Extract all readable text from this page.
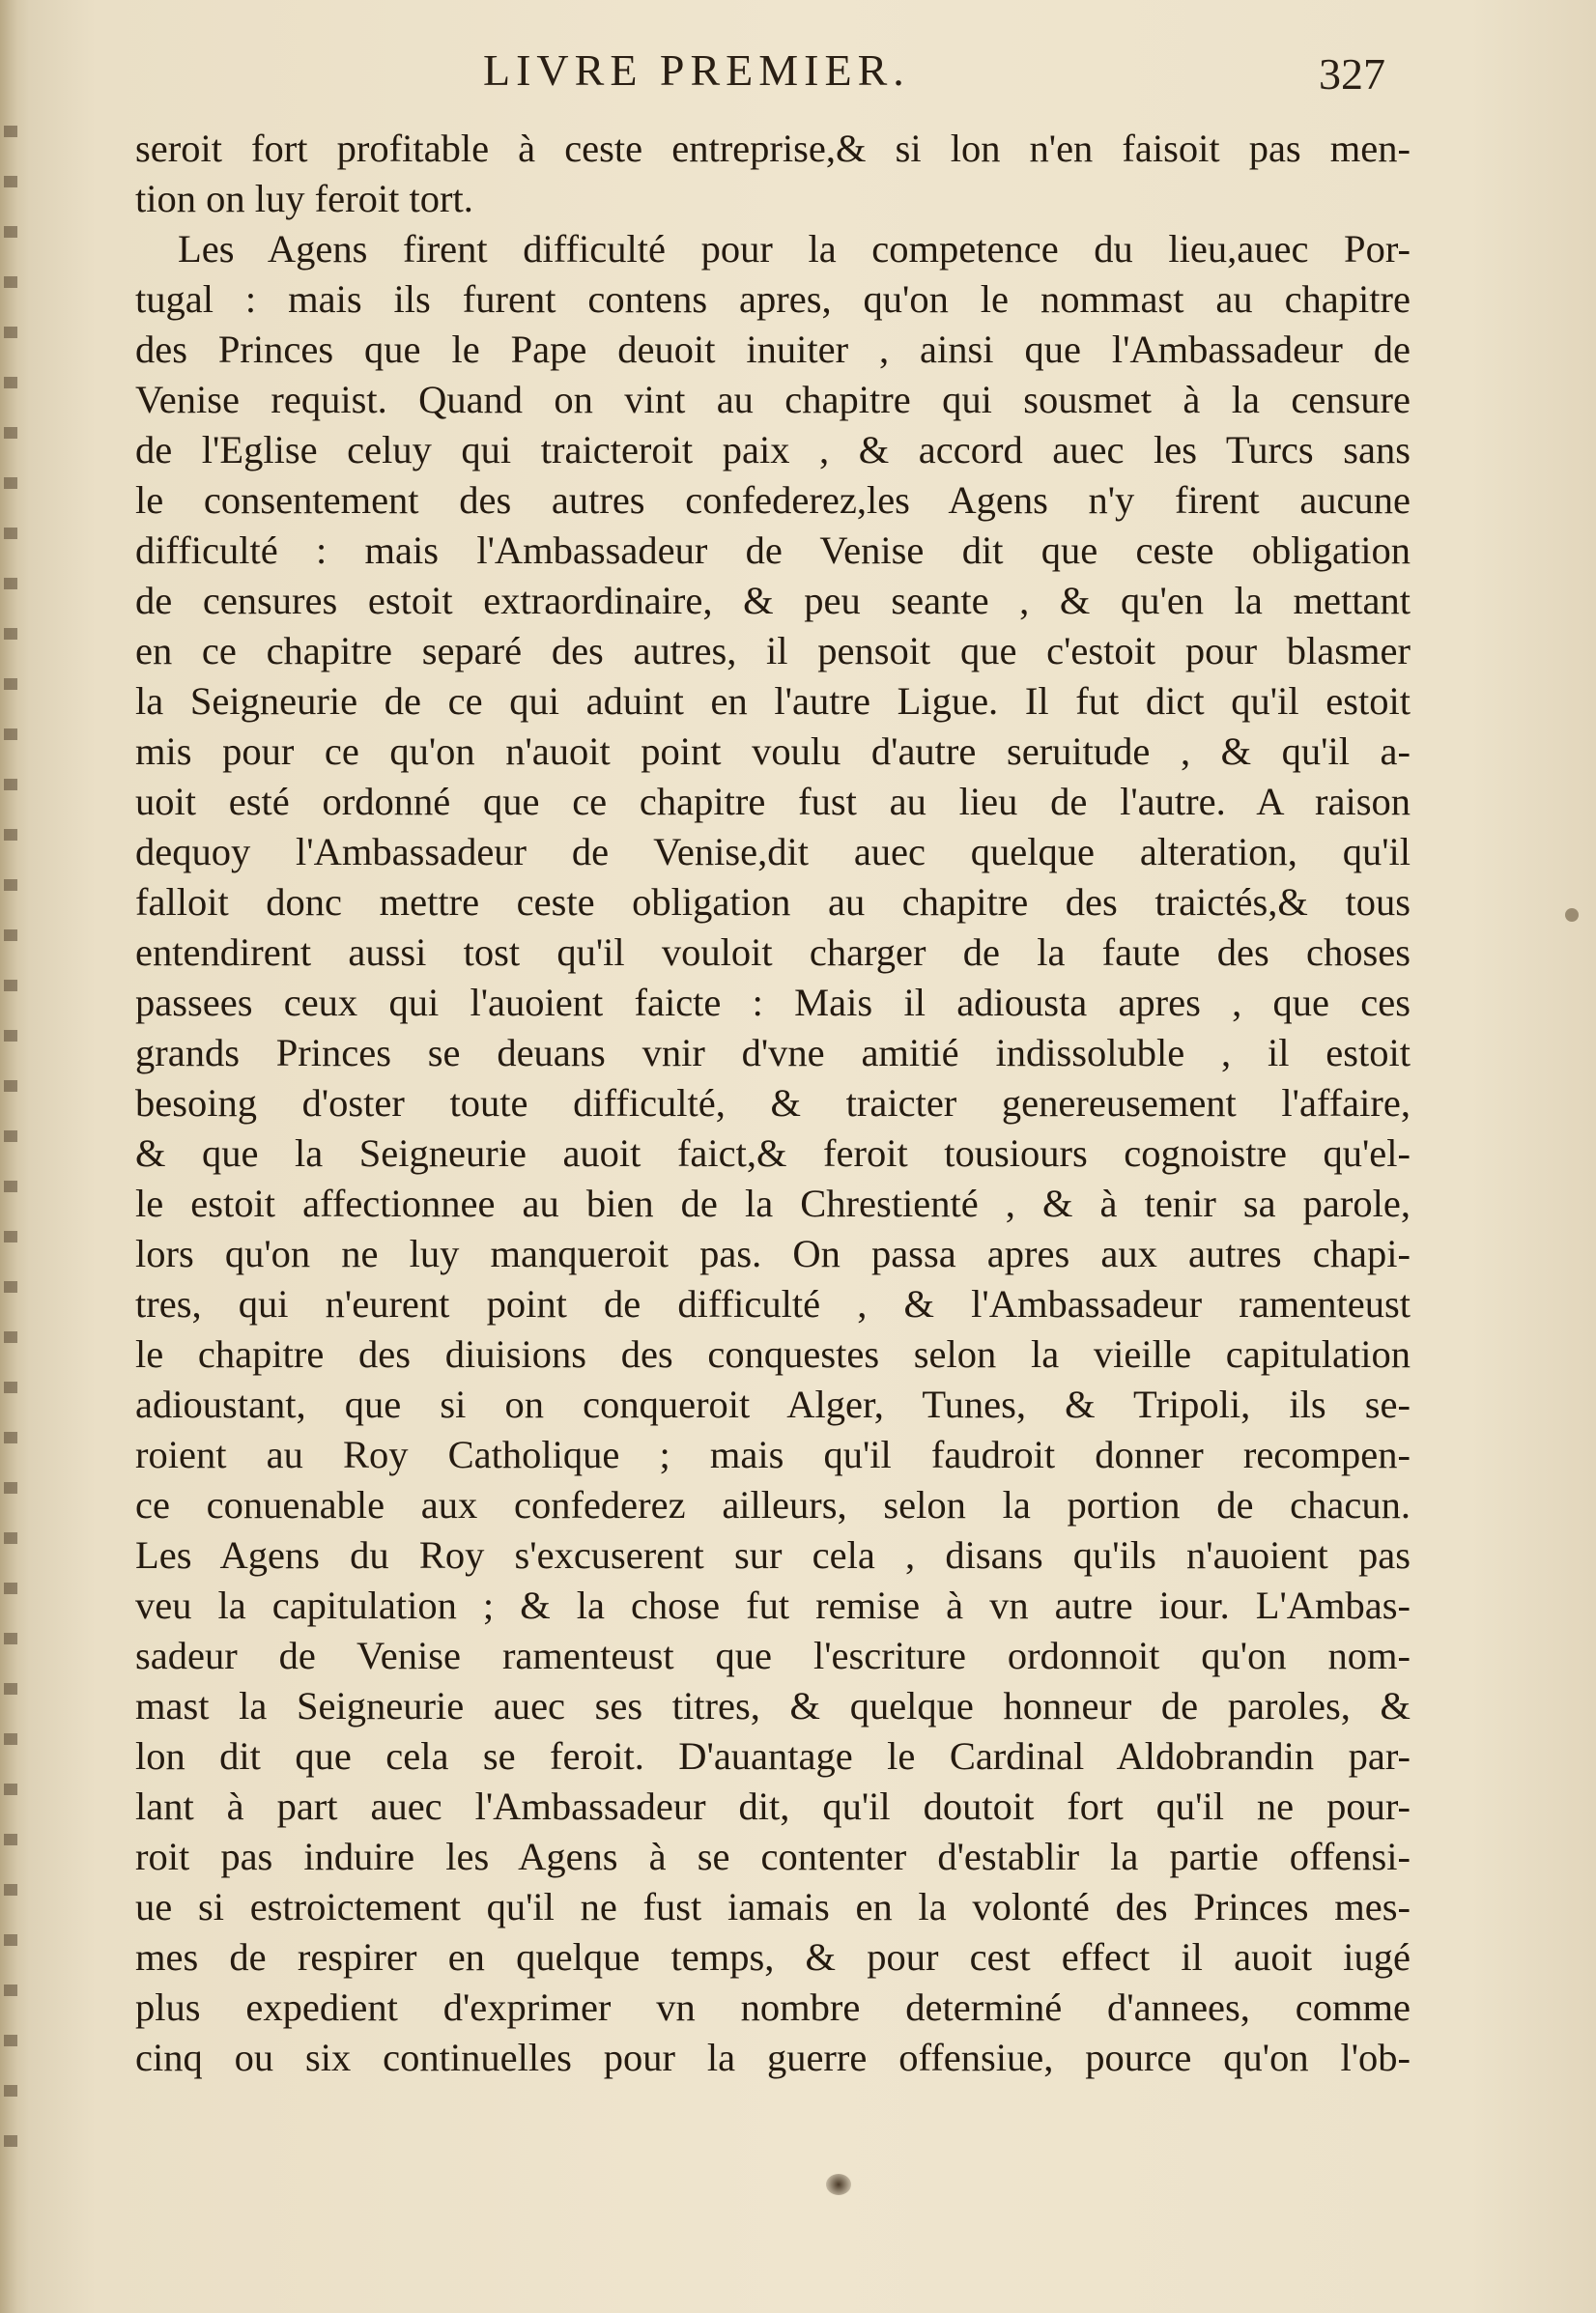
LIVRE PREMIER.	327
seroit fort profitable à ceste entreprise,& si lon n'en faisoit pas men-
tion on luy feroit tort.
Les Agens firent difficulté pour la competence du lieu,auec Por-
tugal : mais ils furent contens apres, qu'on le nommast au chapitre
des Princes que le Pape deuoit inuiter , ainsi que l'Ambassadeur de
Venise requist. Quand on vint au chapitre qui sousmet à la censure
de l'Eglise celuy qui traicteroit paix , & accord auec les Turcs sans
le consentement des autres confederez,les Agens n'y firent aucune
difficulté : mais l'Ambassadeur de Venise dit que ceste obligation
de censures estoit extraordinaire, & peu seante , & qu'en la mettant
en ce chapitre separé des autres, il pensoit que c'estoit pour blasmer
la Seigneurie de ce qui aduint en l'autre Ligue. Il fut dict qu'il estoit
mis pour ce qu'on n'auoit point voulu d'autre seruitude , & qu'il a-
uoit esté ordonné que ce chapitre fust au lieu de l'autre. A raison
dequoy l'Ambassadeur de Venise,dit auec quelque alteration, qu'il
falloit donc mettre ceste obligation au chapitre des traictés,& tous
entendirent aussi tost qu'il vouloit charger de la faute des choses
passees ceux qui l'auoient faicte : Mais il adiousta apres , que ces
grands Princes se deuans vnir d'vne amitié indissoluble , il estoit
besoing d'oster toute difficulté, & traicter genereusement l'affaire,
& que la Seigneurie auoit faict,& feroit tousiours cognoistre qu'el-
le estoit affectionnee au bien de la Chrestienté , & à tenir sa parole,
lors qu'on ne luy manqueroit pas. On passa apres aux autres chapi-
tres, qui n'eurent point de difficulté , & l'Ambassadeur ramenteust
le chapitre des diuisions des conquestes selon la vieille capitulation
adioustant, que si on conqueroit Alger, Tunes, & Tripoli, ils se-
roient au Roy Catholique ; mais qu'il faudroit donner recompen-
ce conuenable aux confederez ailleurs, selon la portion de chacun.
Les Agens du Roy s'excuserent sur cela , disans qu'ils n'auoient pas
veu la capitulation ; & la chose fut remise à vn autre iour. L'Ambas-
sadeur de Venise ramenteust que l'escriture ordonnoit qu'on nom-
mast la Seigneurie auec ses titres, & quelque honneur de paroles, &
lon dit que cela se feroit. D'auantage le Cardinal Aldobrandin par-
lant à part auec l'Ambassadeur dit, qu'il doutoit fort qu'il ne pour-
roit pas induire les Agens à se contenter d'establir la partie offensi-
ue si estroictement qu'il ne fust iamais en la volonté des Princes mes-
mes de respirer en quelque temps, & pour cest effect il auoit iugé
plus expedient d'exprimer vn nombre determiné d'annees, comme
cinq ou six continuelles pour la guerre offensiue, pource qu'on l'ob-
